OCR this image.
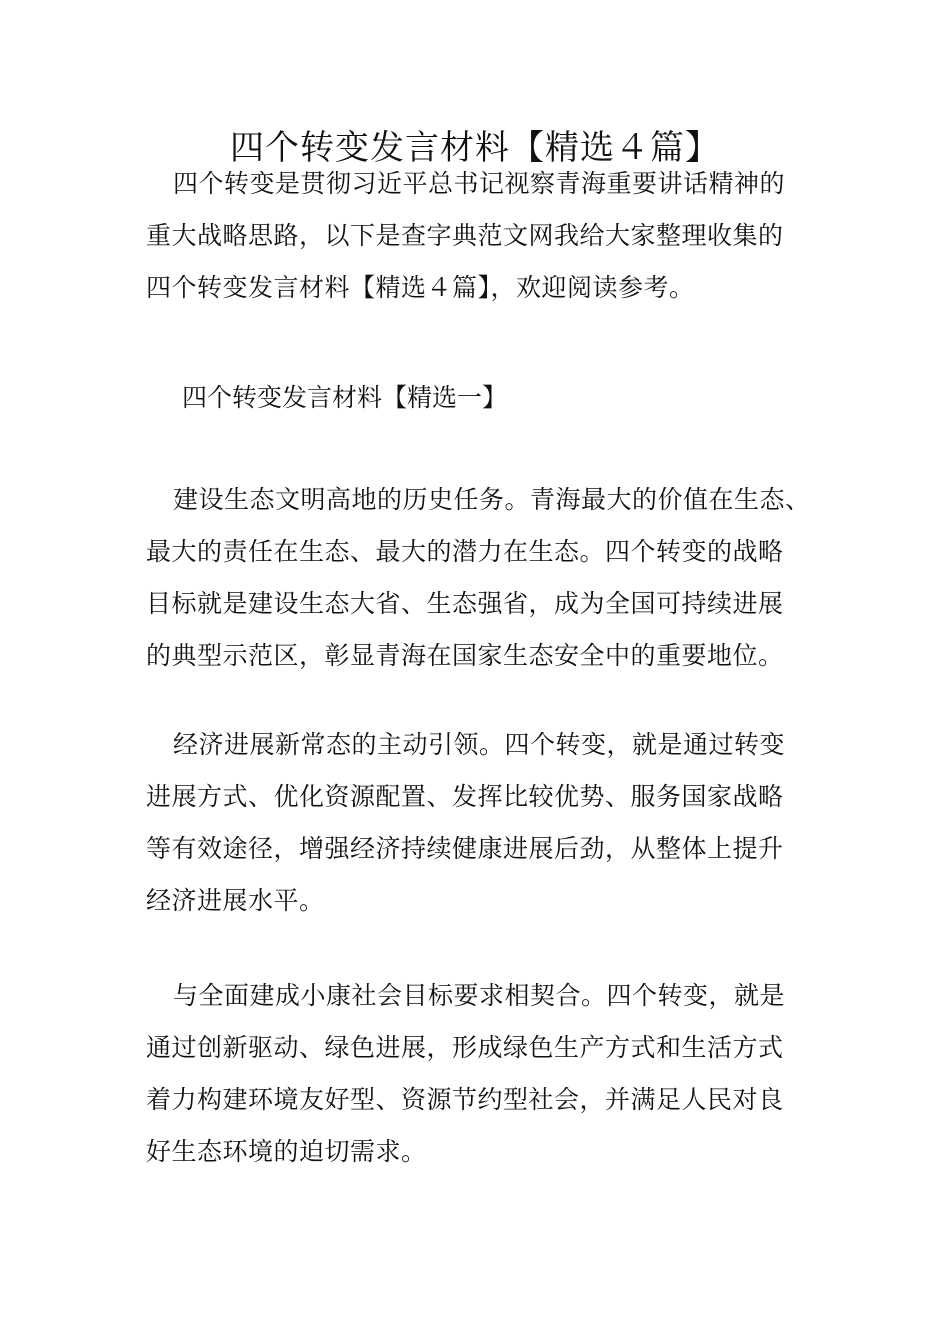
四个转变发言材料【精选４篇】
四个转变是贯彻习近平总书记视察青海重要讲话精神的
重大战略思路，以下是查字典范文网我给大家整理收集的
四个转变发言材料【精选４篇】，欢迎阅读参考。
四个转变发言材料【精选一】
建设生态文明高地的历史任务。青海最大的价值在生态、
最大的责任在生态、最大的潜力在生态。四个转变的战略
目标就是建设生态大省、生态强省，成为全国可持续进展
的典型示范区，彰显青海在国家生态安全中的重要地位。
经济进展新常态的主动引领。四个转变，就是通过转变
进展方式、优化资源配置、发挥比较优势、服务国家战略
等有效途径，增强经济持续健康进展后劲，从整体上提升
经济进展水平。
与全面建成小康社会目标要求相契合。四个转变，就是
通过创新驱动、绿色进展，形成绿色生产方式和生活方式
着力构建环境友好型、资源节约型社会，并满足人民对良
好生态环境的迫切需求。
